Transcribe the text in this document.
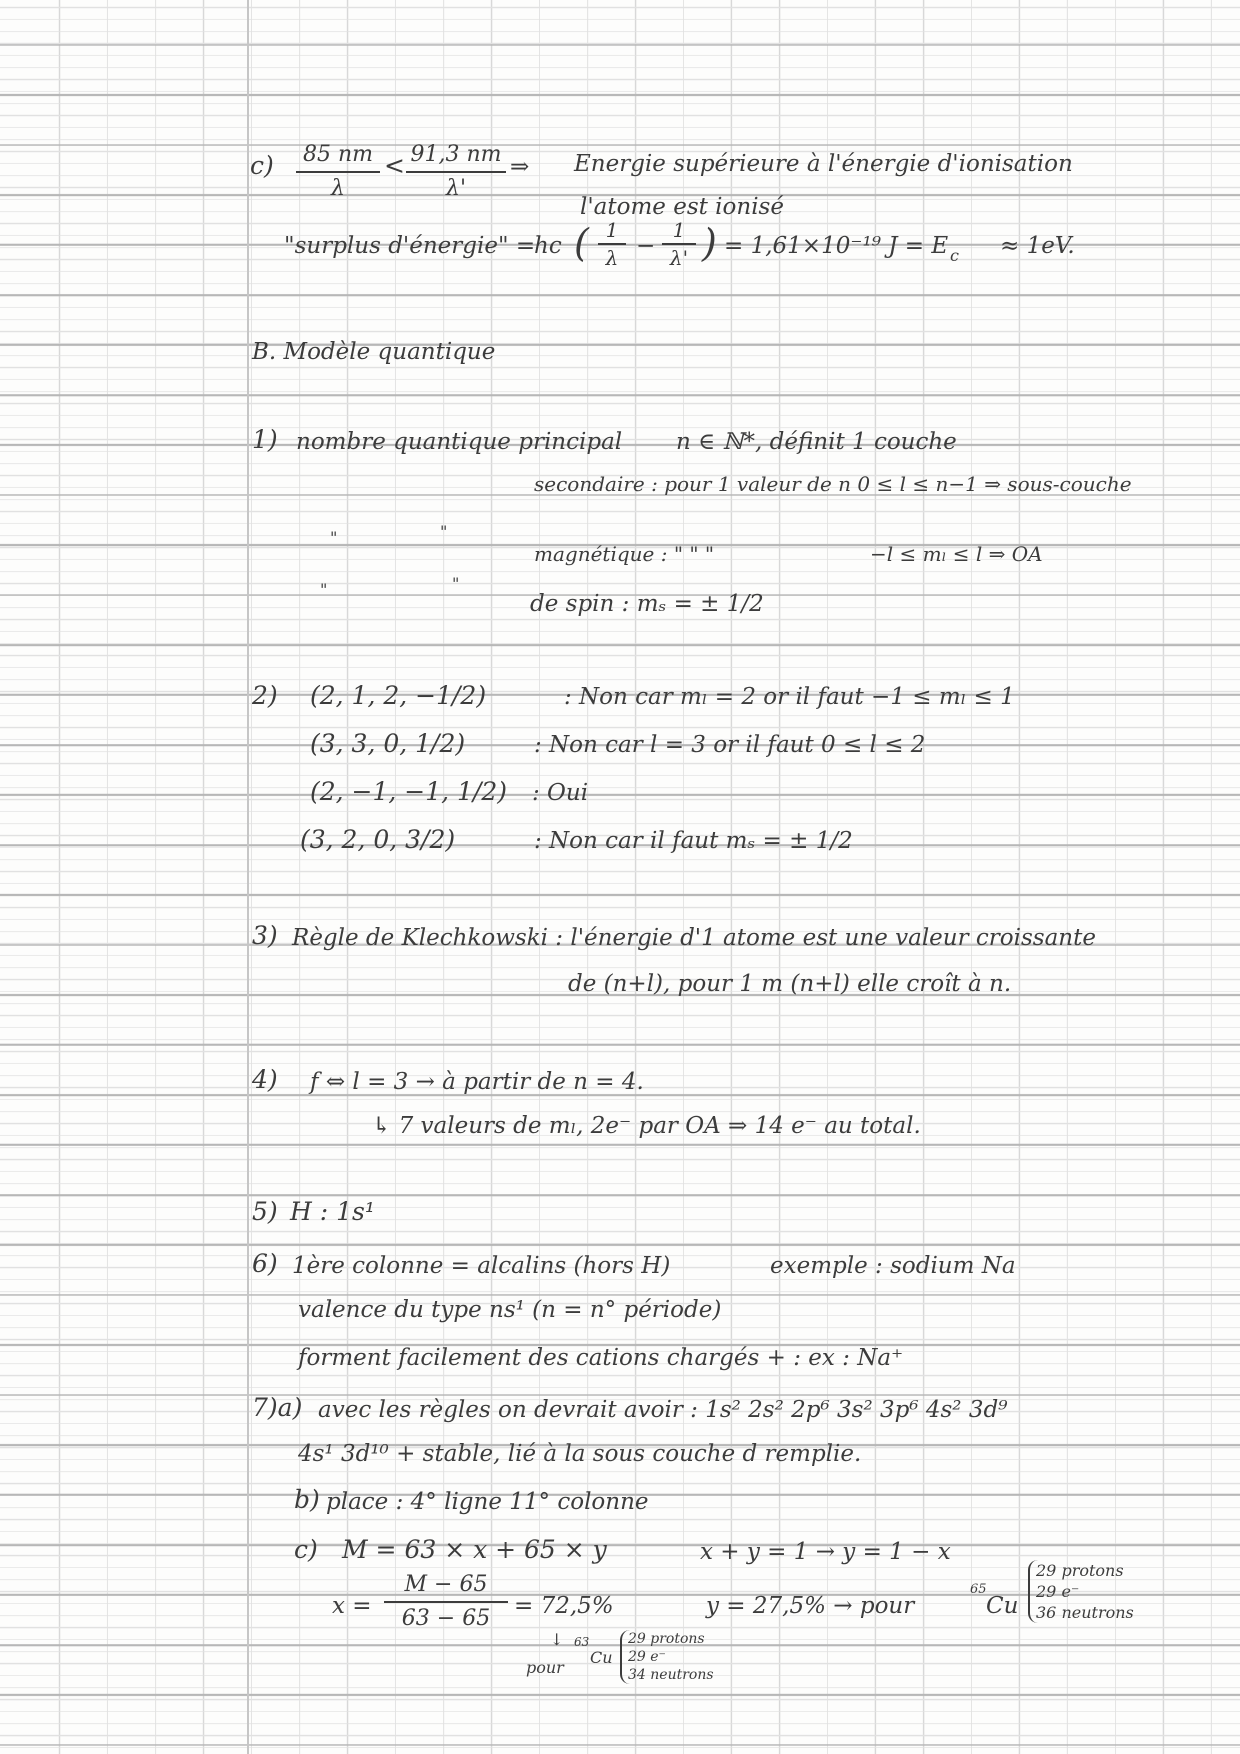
c)	85 nm
λ
< 91,3 nm
λ'
⇒ Energie supérieure à l'énergie d'ionisation
l'atome est ionisé
"surplus d'énergie" =
hc ( 1
λ −
1
λ' ) = 1,61×10⁻¹⁹ J = E c ≈ 1eV.
B. Modèle quantique
1) nombre quantique principal n ∈ ℕ*, définit 1 couche
secondaire : pour 1 valeur de n 0 ≤ l ≤ n−1 ⇒ sous-couche
"	"
magnétique : " " "	−l ≤ mₗ ≤ l ⇒ OA
"	"
de spin : mₛ = ± 1/2
2) (2, 1, 2, −1/2)	: Non car mₗ = 2 or il faut −1 ≤ mₗ ≤ 1
(3, 3, 0, 1/2)	: Non car l = 3 or il faut 0 ≤ l ≤ 2
(2, −1, −1, 1/2) : Oui
(3, 2, 0, 3/2)	: Non car il faut mₛ = ± 1/2
3) Règle de Klechkowski : l'énergie d'1 atome est une valeur croissante
de (n+l), pour 1 m (n+l) elle croît à n.
4) f ⇔ l = 3 → à partir de n = 4.
↳ 7 valeurs de mₗ, 2e⁻ par OA ⇒ 14 e⁻ au total.
5) H : 1s¹
6) 1ère colonne = alcalins (hors H)	exemple : sodium Na
valence du type ns¹ (n = n° période)
forment facilement des cations chargés + : ex : Na⁺
7)a) avec les règles on devrait avoir : 1s² 2s² 2p⁶ 3s² 3p⁶ 4s² 3d⁹
4s¹ 3d¹⁰ + stable, lié à la sous couche d remplie.
b) place : 4° ligne 11° colonne
c) M = 63 × x + 65 × y	x + y = 1 → y = 1 − x
x =
M − 65
63 − 65	= 72,5%	y = 27,5% → pour
65
Cu
29 protons
29 e⁻
36 neutrons
↓
pour
63
Cu
29 protons
29 e⁻
34 neutrons
